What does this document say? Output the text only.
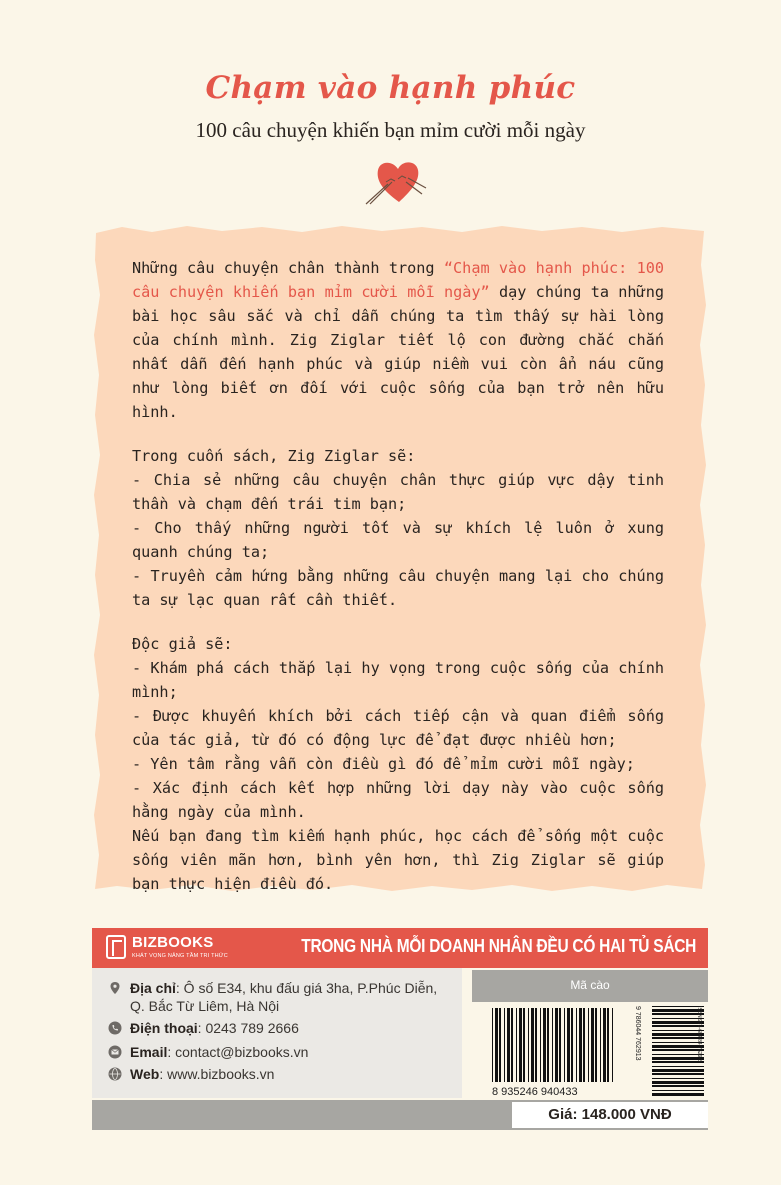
Chạm vào hạnh phúc
100 câu chuyện khiến bạn mỉm cười mỗi ngày

Những câu chuyện chân thành trong “Chạm vào hạnh phúc: 100 câu chuyện khiến bạn mỉm cười mỗi ngày” dạy chúng ta những bài học sâu sắc và chỉ dẫn chúng ta tìm thấy sự hài lòng của chính mình. Zig Ziglar tiết lộ con đường chắc chắn nhất dẫn đến hạnh phúc và giúp niềm vui còn ẩn náu cũng như lòng biết ơn đối với cuộc sống của bạn trở nên hữu hình.

Trong cuốn sách, Zig Ziglar sẽ:

- Chia sẻ những câu chuyện chân thực giúp vực dậy tinh thần và chạm đến trái tim bạn;

- Cho thấy những người tốt và sự khích lệ luôn ở xung quanh chúng ta;

- Truyền cảm hứng bằng những câu chuyện mang lại cho chúng ta sự lạc quan rất cần thiết.

Độc giả sẽ:

- Khám phá cách thắp lại hy vọng trong cuộc sống của chính mình;

- Được khuyến khích bởi cách tiếp cận và quan điểm sống của tác giả, từ đó có động lực để đạt được nhiều hơn;

- Yên tâm rằng vẫn còn điều gì đó để mỉm cười mỗi ngày;

- Xác định cách kết hợp những lời dạy này vào cuộc sống hằng ngày của mình.

Nếu bạn đang tìm kiếm hạnh phúc, học cách để sống một cuộc sống viên mãn hơn, bình yên hơn, thì Zig Ziglar sẽ giúp bạn thực hiện điều đó.

BIZBOOKS
KHÁT VỌNG NÂNG TẦM TRI THỨC	TRONG NHÀ MỖI DOANH NHÂN ĐỀU CÓ HAI TỦ SÁCH
Địa chỉ: Ô số E34, khu đấu giá 3ha, P.Phúc Diễn,
Q. Bắc Từ Liêm, Hà Nội
Điện thoại: 0243 789 2666
Email: contact@bizbooks.vn
Web: www.bizbooks.vn
Mã cào
8 935246 940433
9 786044 762913	ISBN 978-604-84-7629-3
Giá: 148.000 VNĐ
